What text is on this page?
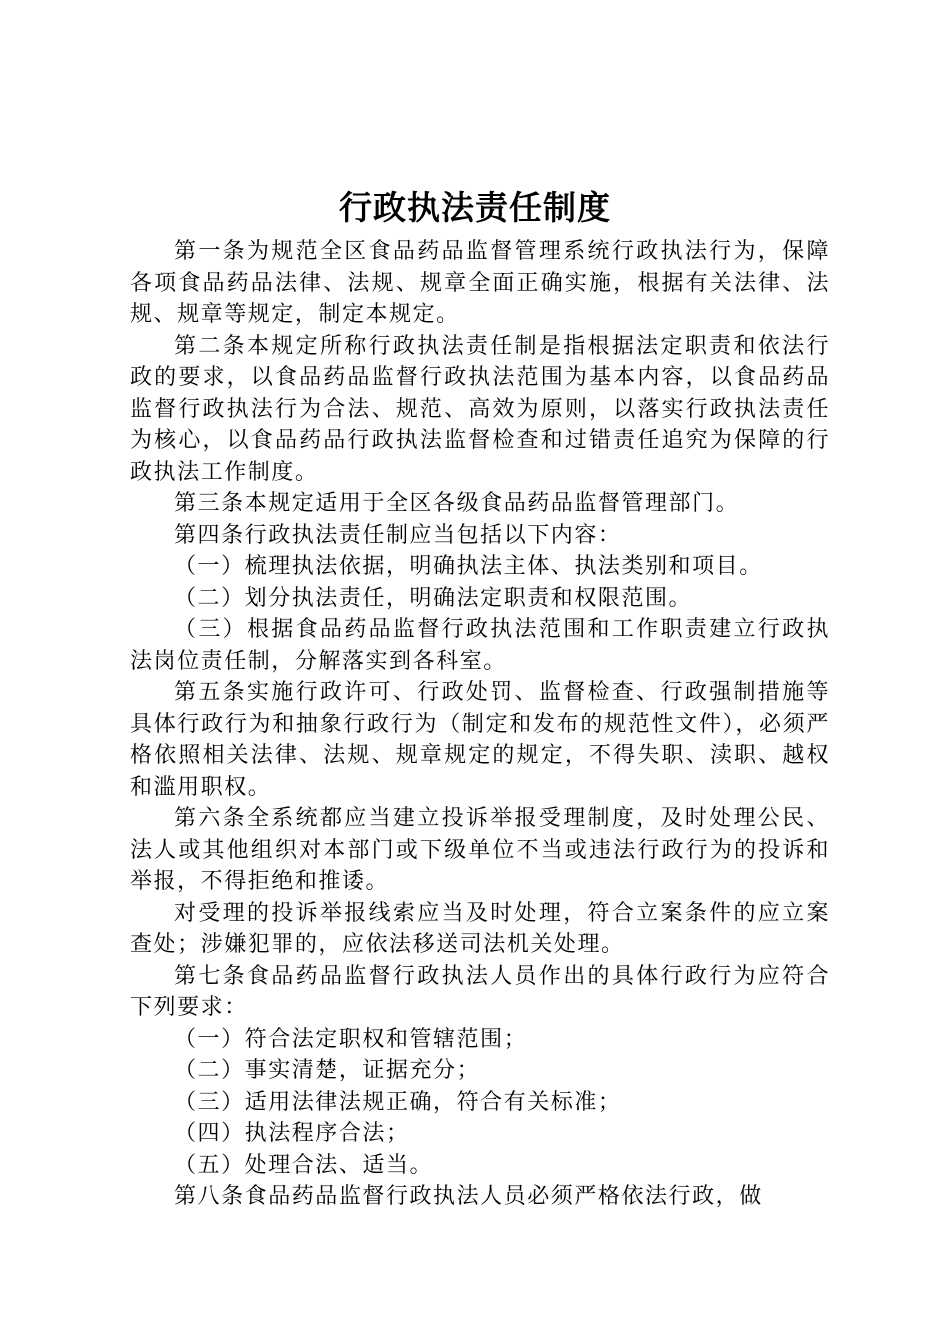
行政执法责任制度

第一条为规范全区食品药品监督管理系统行政执法行为，保障各项食品药品法律、法规、规章全面正确实施，根据有关法律、法规、规章等规定，制定本规定。

第二条本规定所称行政执法责任制是指根据法定职责和依法行政的要求，以食品药品监督行政执法范围为基本内容，以食品药品监督行政执法行为合法、规范、高效为原则，以落实行政执法责任为核心，以食品药品行政执法监督检查和过错责任追究为保障的行政执法工作制度。

第三条本规定适用于全区各级食品药品监督管理部门。

第四条行政执法责任制应当包括以下内容：

（一）梳理执法依据，明确执法主体、执法类别和项目。

（二）划分执法责任，明确法定职责和权限范围。

（三）根据食品药品监督行政执法范围和工作职责建立行政执法岗位责任制，分解落实到各科室。

第五条实施行政许可、行政处罚、监督检查、行政强制措施等具体行政行为和抽象行政行为（制定和发布的规范性文件），必须严格依照相关法律、法规、规章规定的规定，不得失职、渎职、越权和滥用职权。

第六条全系统都应当建立投诉举报受理制度，及时处理公民、法人或其他组织对本部门或下级单位不当或违法行政行为的投诉和举报，不得拒绝和推诿。

对受理的投诉举报线索应当及时处理，符合立案条件的应立案查处；涉嫌犯罪的，应依法移送司法机关处理。

第七条食品药品监督行政执法人员作出的具体行政行为应符合下列要求：

（一）符合法定职权和管辖范围；

（二）事实清楚，证据充分；

（三）适用法律法规正确，符合有关标准；

（四）执法程序合法；

（五）处理合法、适当。

第八条食品药品监督行政执法人员必须严格依法行政，做
